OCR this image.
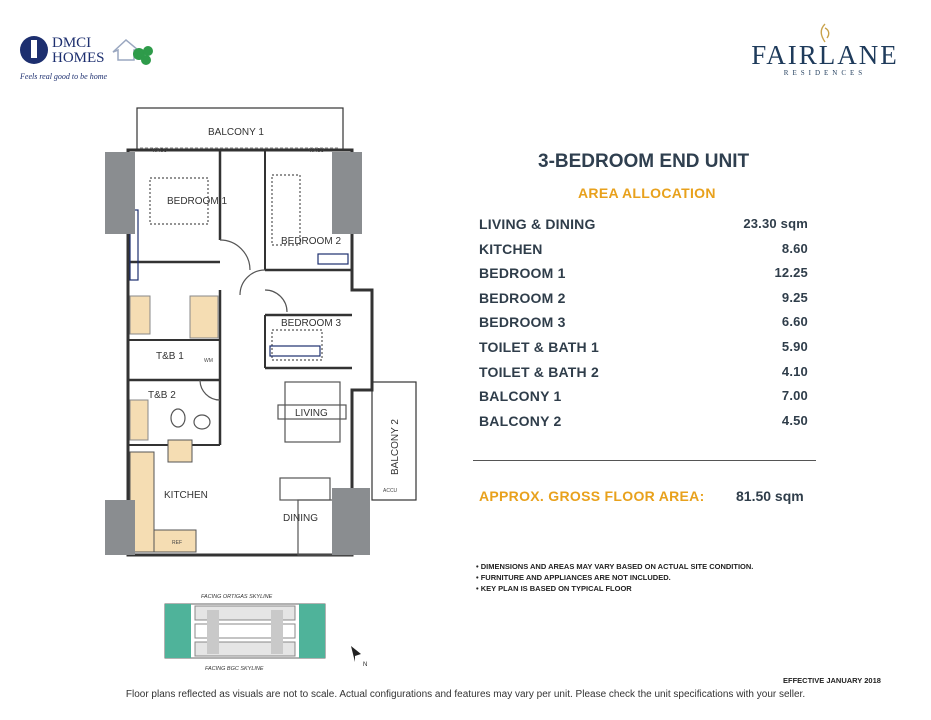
DMCI
HOMES
Feels real good to be home
FAIRLANE
RESIDENCES
BALCONY 1
BEDROOM 1
BEDROOM 2
BEDROOM 3
T&B 1
T&B 2
LIVING
BALCONY 2
KITCHEN
DINING
WACU	WACU
ACCU
REF
WM
FACING ORTIGAS SKYLINE
FACING BGC SKYLINE
N
3-BEDROOM END UNIT
AREA ALLOCATION
LIVING & DINING	23.30 sqm
KITCHEN	8.60
BEDROOM 1	12.25
BEDROOM 2	9.25
BEDROOM 3	6.60
TOILET & BATH 1	5.90
TOILET & BATH 2	4.10
BALCONY 1	7.00
BALCONY 2	4.50
APPROX. GROSS FLOOR AREA: 81.50 sqm
• DIMENSIONS AND AREAS MAY VARY BASED ON ACTUAL SITE CONDITION.
• FURNITURE AND APPLIANCES ARE NOT INCLUDED.
• KEY PLAN IS BASED ON TYPICAL FLOOR
EFFECTIVE JANUARY 2018
Floor plans reflected as visuals are not to scale. Actual configurations and features may vary per unit. Please check the unit specifications with your seller.
